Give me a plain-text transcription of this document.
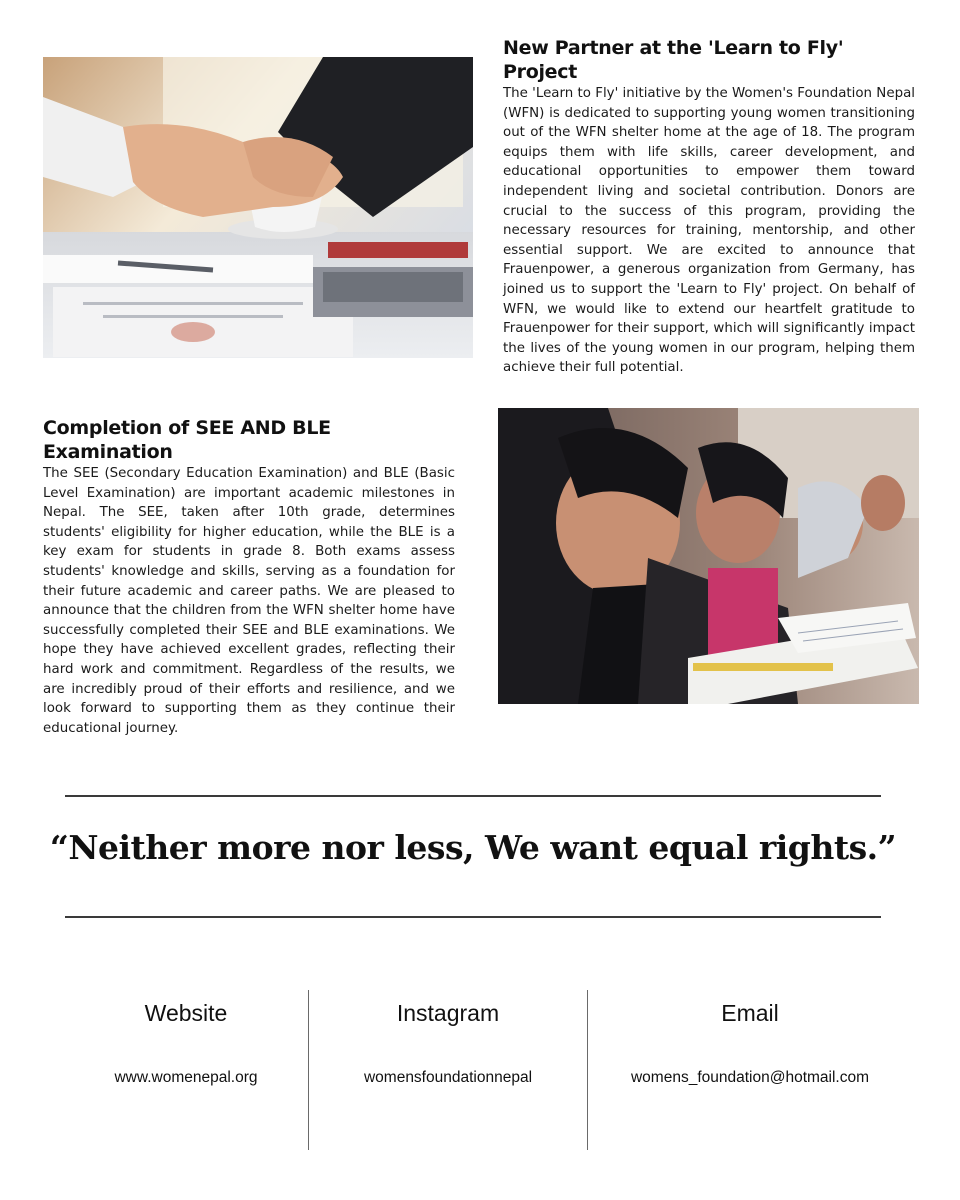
New Partner at the 'Learn to Fly' Project

The 'Learn to Fly' initiative by the Women's Foundation Nepal (WFN) is dedicated to supporting young women transitioning out of the WFN shelter home at the age of 18. The program equips them with life skills, career development, and educational opportunities to empower them toward independent living and societal contribution. Donors are crucial to the success of this program, providing the necessary resources for training, mentorship, and other essential support. We are excited to announce that Frauenpower, a generous organization from Germany, has joined us to support the 'Learn to Fly' project. On behalf of WFN, we would like to extend our heartfelt gratitude to Frauenpower for their support, which will significantly impact the lives of the young women in our program, helping them achieve their full potential.

Completion of SEE AND BLE Examination

The SEE (Secondary Education Examination) and BLE (Basic Level Examination) are important academic milestones in Nepal. The SEE, taken after 10th grade, determines students' eligibility for higher education, while the BLE is a key exam for students in grade 8. Both exams assess students' knowledge and skills, serving as a foundation for their future academic and career paths. We are pleased to announce that the children from the WFN shelter home have successfully completed their SEE and BLE examinations. We hope they have achieved excellent grades, reflecting their hard work and commitment. Regardless of the results, we are incredibly proud of their efforts and resilience, and we look forward to supporting them as they continue their educational journey.

“Neither more nor less, We want equal rights.”

Website

www.womenepal.org

Instagram

womensfoundationnepal

Email

womens_foundation@hotmail.com
